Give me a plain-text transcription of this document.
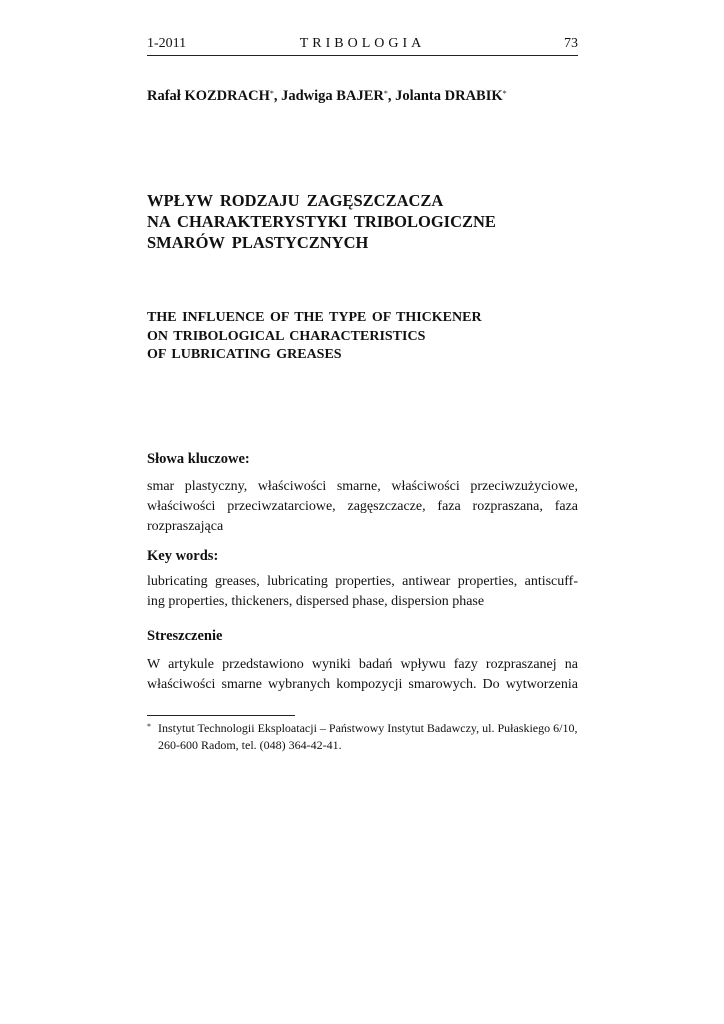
1-2011	TRIBOLOGIA	73
Rafał KOZDRACH*, Jadwiga BAJER*, Jolanta DRABIK*
WPŁYW RODZAJU ZAGĘSZCZACZA
NA CHARAKTERYSTYKI TRIBOLOGICZNE
SMARÓW PLASTYCZNYCH
THE INFLUENCE OF THE TYPE OF THICKENER
ON TRIBOLOGICAL CHARACTERISTICS
OF LUBRICATING GREASES
Słowa kluczowe:
smar plastyczny, właściwości smarne, właściwości przeciwzużyciowe,
właściwości przeciwzatarciowe, zagęszczacze, faza rozpraszana, faza
rozpraszająca
Key words:
lubricating greases, lubricating properties, antiwear properties, antiscuff-
ing properties, thickeners, dispersed phase, dispersion phase
Streszczenie
W artykule przedstawiono wyniki badań wpływu fazy rozpraszanej na
właściwości smarne wybranych kompozycji smarowych. Do wytworzenia
* Instytut Technologii Eksploatacji – Państwowy Instytut Badawczy, ul. Pułaskiego 6/10,
260-600 Radom, tel. (048) 364-42-41.
